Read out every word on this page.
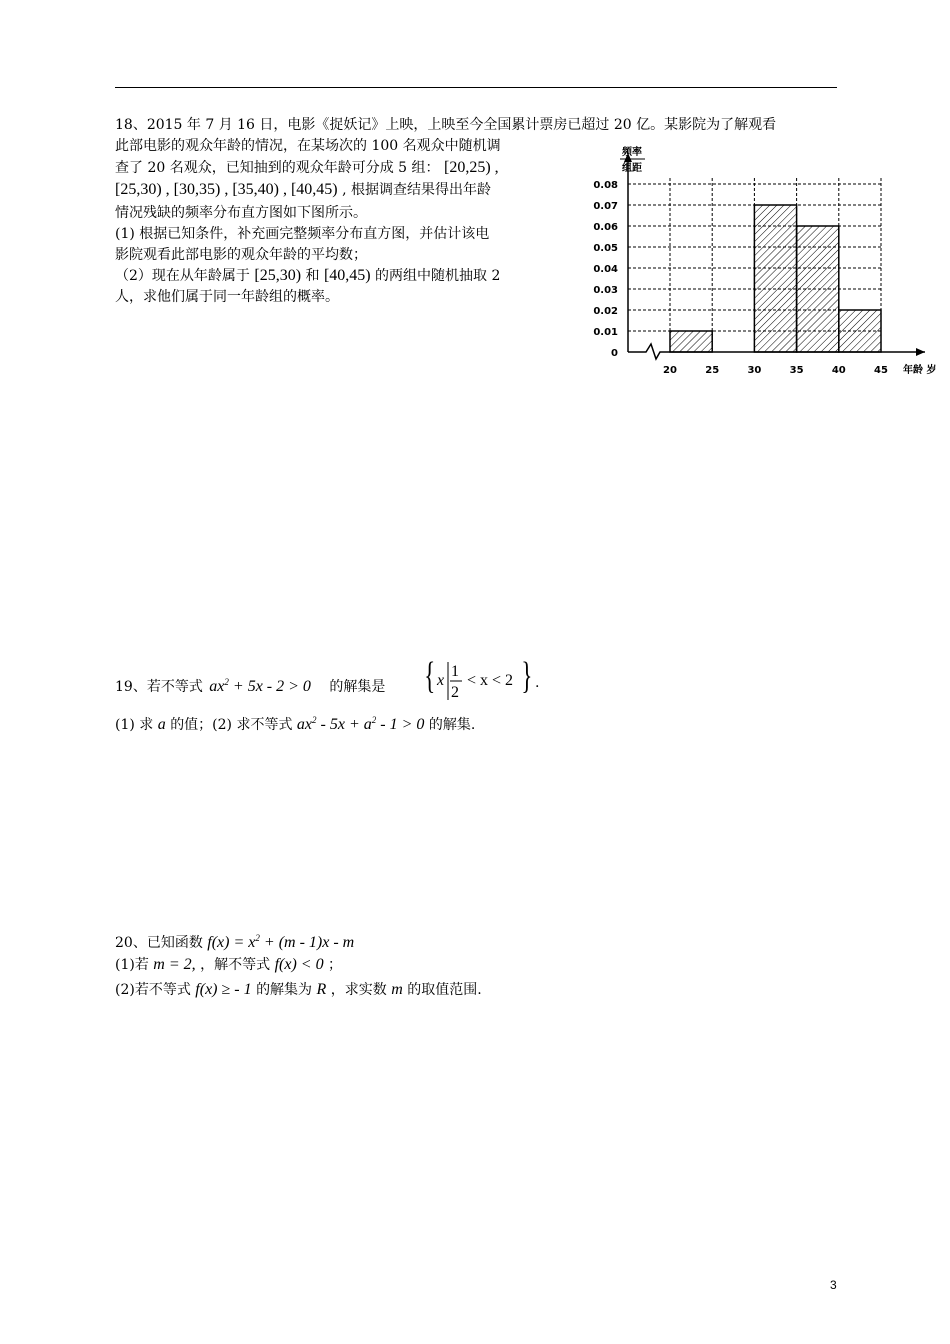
18、2015 年 7 月 16 日，电影《捉妖记》上映，上映至今全国累计票房已超过 20 亿。某影院为了解观看
此部电影的观众年龄的情况，在某场次的 100 名观众中随机调
查了 20 名观众，已知抽到的观众年龄可分成 5 组： [20,25) ,
[25,30) , [30,35) , [35,40) , [40,45) , 根据调查结果得出年龄
情况残缺的频率分布直方图如下图所示。
(1) 根据已知条件，补充画完整频率分布直方图，并估计该电
影院观看此部电影的观众年龄的平均数；
（2）现在从年龄属于 [25,30) 和 [40,45) 的两组中随机抽取 2
人，求他们属于同一年龄组的概率。
0
0.01
0.02
0.03
0.04
0.05
0.06
0.07
0.08
20	25	30	35	40	45 年龄 岁
频率
组距
19、若不等式 $ax^2 + 5x - 2 > 0$ 的解集是 { x
1
2
< x < 2 } .
(1) 求 a 的值；(2) 求不等式 $ax^2 - 5x + a^2 - 1 > 0$ 的解集.
20、已知函数 $f(x) = x^2 + (m - 1)x - m$
(1)若 m = 2, ，解不等式 f(x) < 0 ；
(2)若不等式 f(x) ≥ - 1 的解集为 R ，求实数 m 的取值范围.
3
